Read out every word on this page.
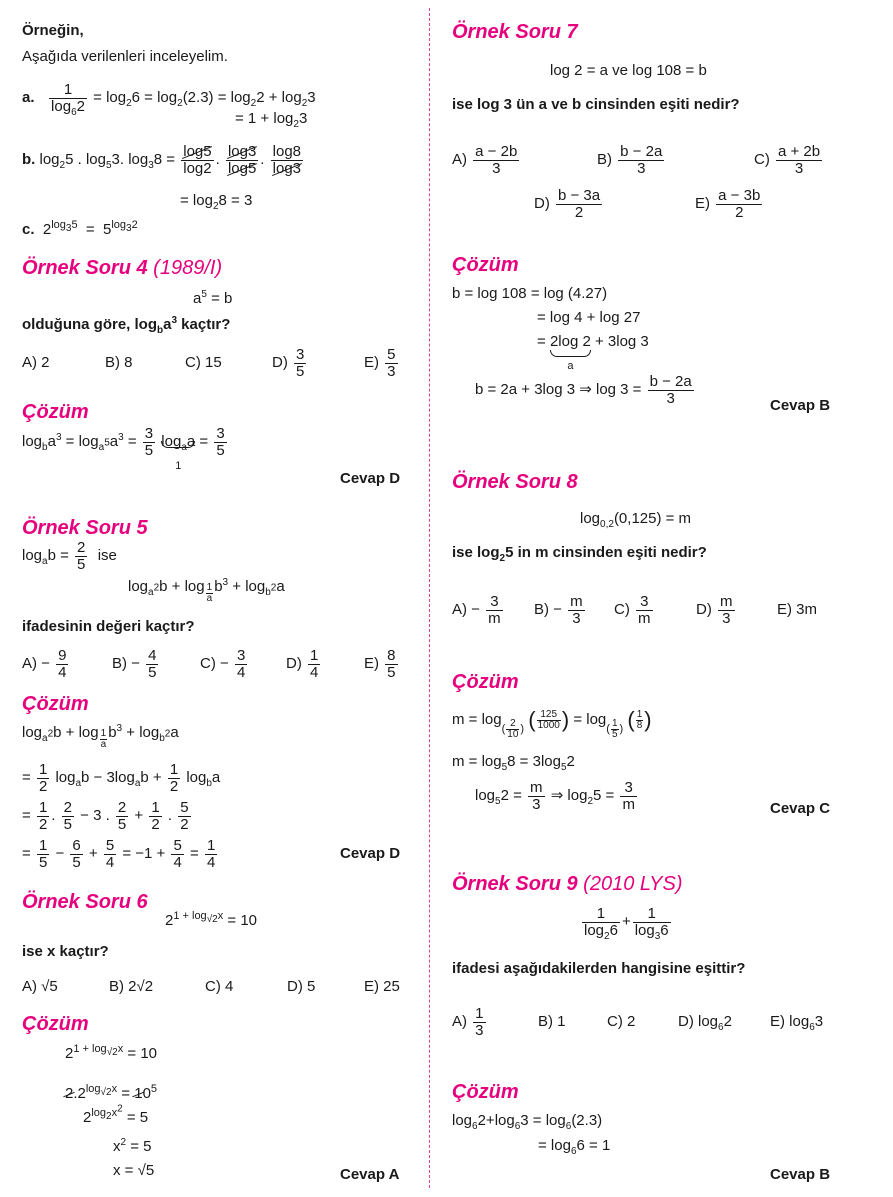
Örneğin,
Aşağıda verilenleri inceleyelim.
a. $\frac{1}{\log_62} = \log_26 = \log_2(2.3) = \log_22 + \log_23$
= $1 + \log_23$
b. $\log_25$ . $\log_53$. $\log_38 = \frac{\log 5}{\log 2}$ . $\frac{\log 3}{\log 5}$ . $\frac{\log 8}{\log 3}$
= $\log_28 = 3$
c.  $2^{log_35} = 5^{log_32}$
Örnek Soru 4 (1989/I)
$a^5 = b$
olduğuna göre, $\log_ba^3$ kaçtır?
A) 2	B) 8	C) 15	$D) \frac{3}{5}$	$E) \frac{5}{3}$
Çözüm
$\log_ba^3 = \log_{a^5}a^3 = \frac{3}{5} \log_aa$
1
= $\frac{3}{5}$
Cevap D
Örnek Soru 5
$\log_ab = \frac{2}{5}$ ise
$\log_{a^2}b + \log \frac{1}{a} b^3 + \log_{b^2}a$
ifadesinin değeri kaçtır?
$A) - \frac{9}{4}$	$B) - \frac{4}{5}$	$C) - \frac{3}{4}$	$D) \frac{1}{4}$	$E) \frac{8}{5}$
Çözüm
$\log_{a^2}b + \log \frac{1}{a} b^3 + \log_{b^2}a$
= $\frac{1}{2} \log_ab - 3\log_ab + \frac{1}{2} \log_ba$
= $\frac{1}{2}$ . $\frac{2}{5} - 3$ . $\frac{2}{5} + \frac{1}{2}$ . $\frac{5}{2}$
= $\frac{1}{5} - \frac{6}{5} + \frac{5}{4} = -1 + \frac{5}{4} = \frac{1}{4}$	Cevap D
Örnek Soru 6
$2^{1 + log_{√2}x} = 10$
ise x kaçtır?
A) √5	B) 2√2	C) 4	D) 5	E) 25
Çözüm
$2^{1 + log_{√2}x} = 10$
$2.2^{log_{√2}x} = 10^5$
$2^{log_2x^2} = 5$
$x^2 = 5$
x = √5	Cevap A
Örnek Soru 7
log 2 = a ve log 108 = b
ise log 3 ün a ve b cinsinden eşiti nedir?
$A) \frac{a - 2b}{3}$	$B) \frac{b - 2a}{3}$	$C) \frac{a + 2b}{3}$
$D) \frac{b - 3a}{2}$	$E) \frac{a - 3b}{2}$
Çözüm
b = log 108 = log (4.27)
= log 4 + log 27
= 2log 2
a
+ 3log 3
b = 2a + 3log 3 ⇒ $\log 3 = \frac{b - 2a}{3}$	Cevap B
Örnek Soru 8
$\log_{0,2}(0,125) = m$
ise $\log_25$ in m cinsinden eşiti nedir?
$A) - \frac{3}{m} B) - \frac{m}{3} C) \frac{3}{m}$	$D) \frac{m}{3}$	E) 3m
Çözüm
$m = \log_{( \frac{2}{10} )}$ ( $\frac{125}{1000}$ ) = $\log_{( \frac{1}{5} )}$ ( $\frac{1}{8}$ )
$m = \log_58 = 3\log_52$
$\log_52 = \frac{m}{3}$ ⇒ $\log_25 = \frac{3}{m}$	Cevap C
Örnek Soru 9 (2010 LYS)
$\frac{1}{\log_26} + \frac{1}{\log_36}$
ifadesi aşağıdakilerden hangisine eşittir?
$A) \frac{1}{3}$	B) 1	C) 2	D) $\log_62$	E) $\log_63$
Çözüm
$\log_62+\log_63 = \log_6(2.3)$
= $\log_66 = 1$
Cevap B
